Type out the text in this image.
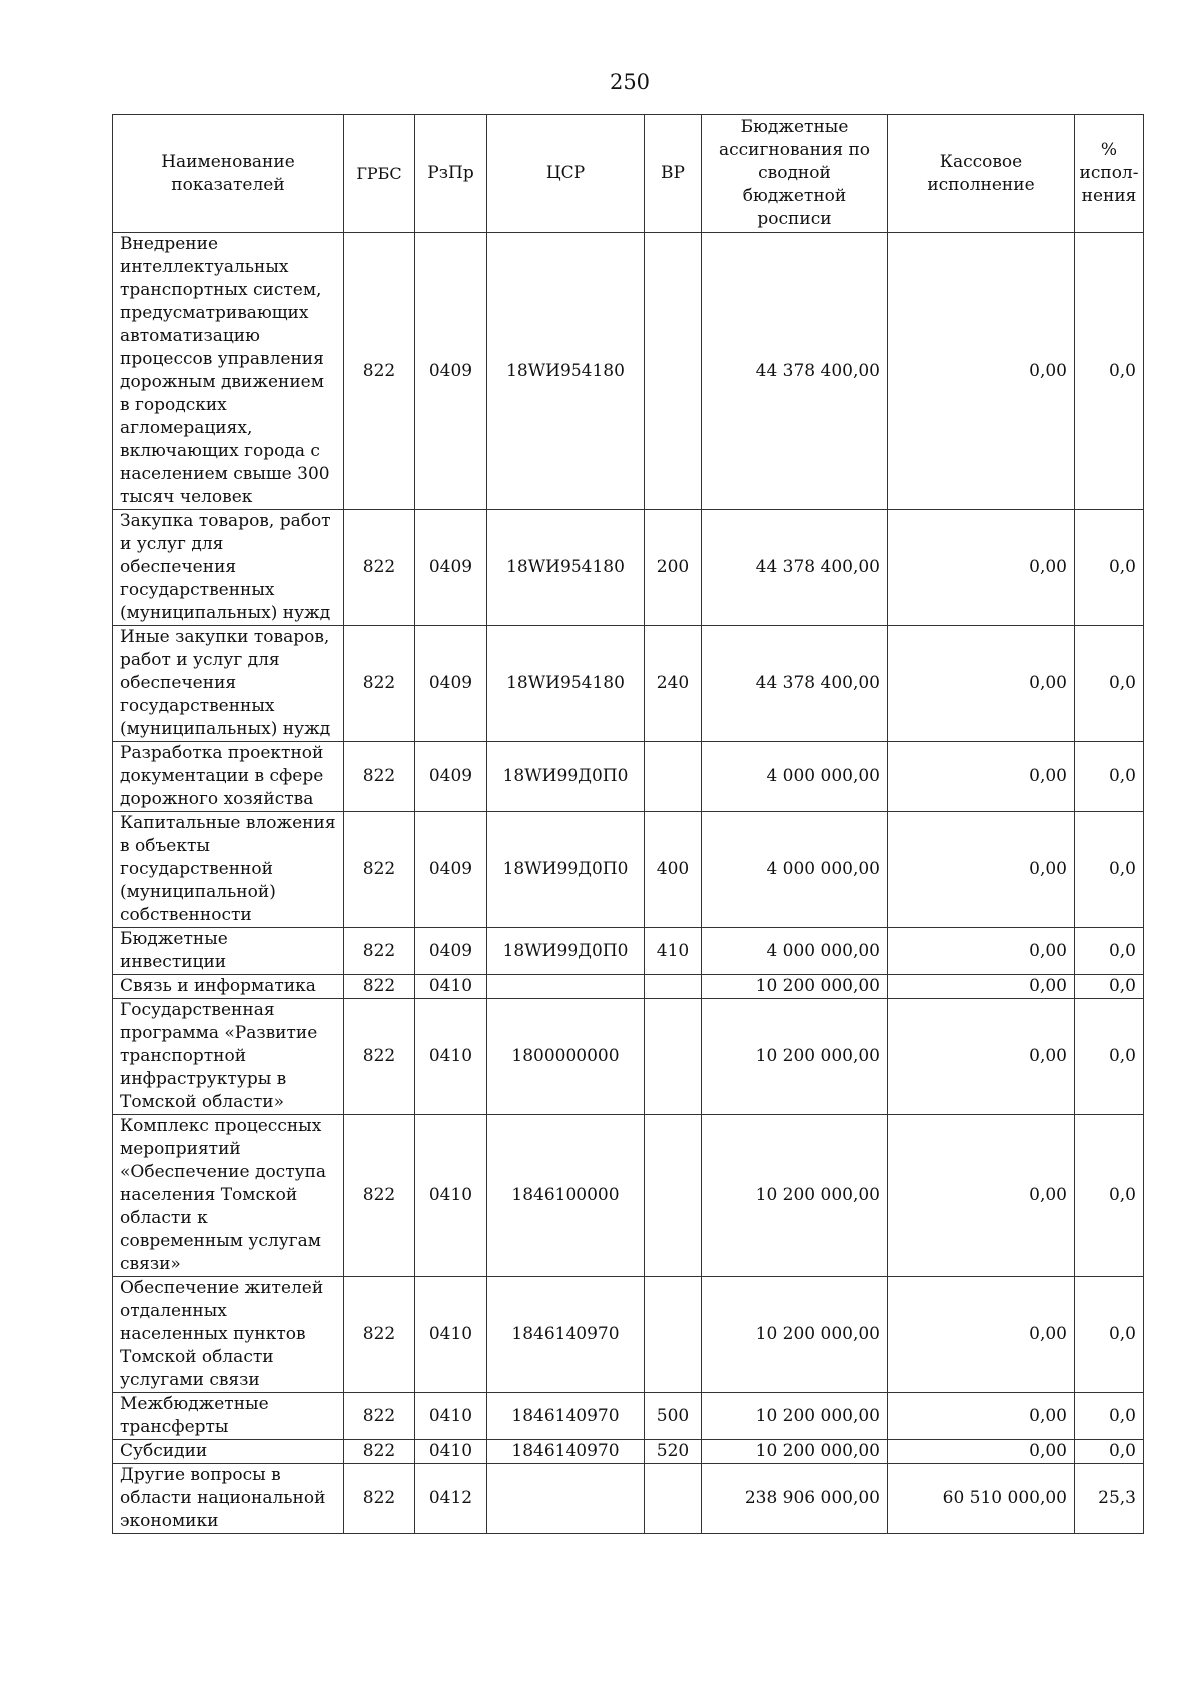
250
Наименование показателей	ГРБС	РзПр	ЦСР	ВР	Бюджетные ассигнования по сводной бюджетной росписи	Кассовое исполнение	% испол-нения
Внедрение интеллектуальных транспортных систем, предусматривающих автоматизацию процессов управления дорожным движением в городских агломерациях, включающих города с населением свыше 300 тысяч человек	822	0409	18WИ954180		44 378 400,00	0,00	0,0
Закупка товаров, работ и услуг для обеспечения государственных (муниципальных) нужд	822	0409	18WИ954180	200	44 378 400,00	0,00	0,0
Иные закупки товаров, работ и услуг для обеспечения государственных (муниципальных) нужд	822	0409	18WИ954180	240	44 378 400,00	0,00	0,0
Разработка проектной документации в сфере дорожного хозяйства	822	0409	18WИ99Д0П0		4 000 000,00	0,00	0,0
Капитальные вложения в объекты государственной (муниципальной) собственности	822	0409	18WИ99Д0П0	400	4 000 000,00	0,00	0,0
Бюджетные инвестиции	822	0409	18WИ99Д0П0	410	4 000 000,00	0,00	0,0
Связь и информатика	822	0410			10 200 000,00	0,00	0,0
Государственная программа «Развитие транспортной инфраструктуры в Томской области»	822	0410	1800000000		10 200 000,00	0,00	0,0
Комплекс процессных мероприятий «Обеспечение доступа населения Томской области к современным услугам связи»	822	0410	1846100000		10 200 000,00	0,00	0,0
Обеспечение жителей отдаленных населенных пунктов Томской области услугами связи	822	0410	1846140970		10 200 000,00	0,00	0,0
Межбюджетные трансферты	822	0410	1846140970	500	10 200 000,00	0,00	0,0
Субсидии	822	0410	1846140970	520	10 200 000,00	0,00	0,0
Другие вопросы в области национальной экономики	822	0412			238 906 000,00	60 510 000,00	25,3
